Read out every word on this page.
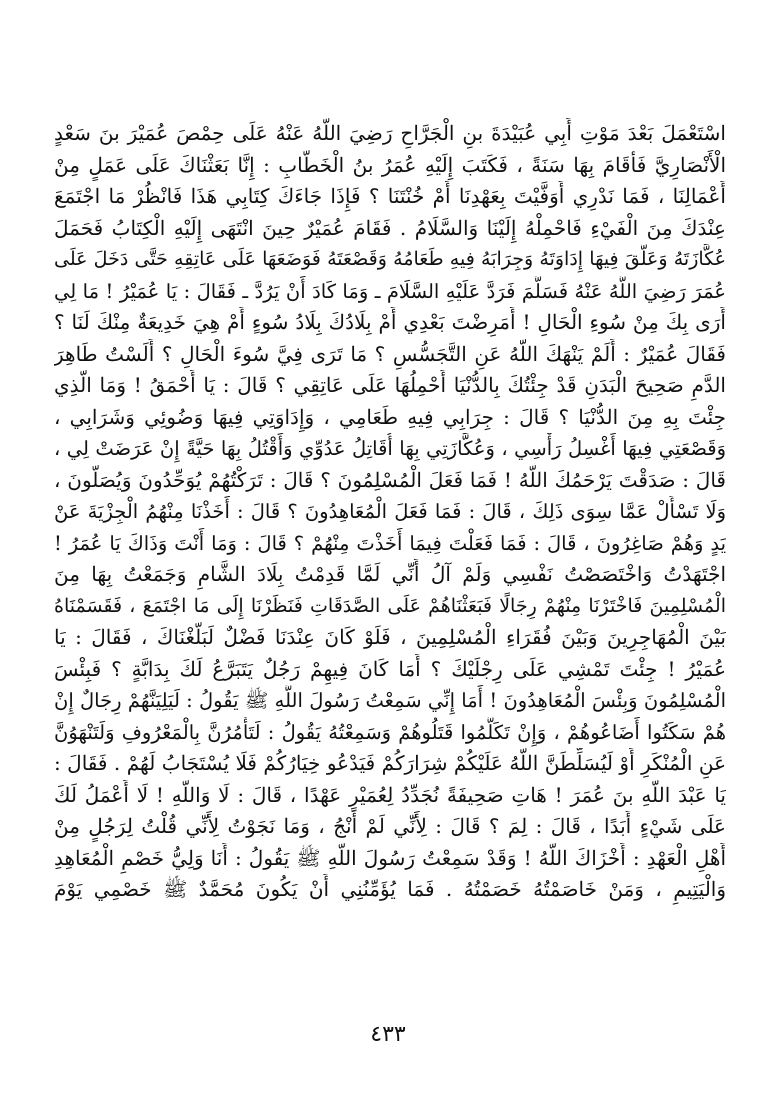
اسْتَعْمَلَ بَعْدَ مَوْتِ أَبِي عُبَيْدَةَ بنِ الْجَرَّاحِ رَضِيَ اللَّهُ عَنْهُ عَلَى حِمْصَ عُمَيْرَ بنَ سَعْدٍ
الْأَنْصَارِيَّ فَأَقَامَ بِهَا سَنَةً ، فَكَتَبَ إِلَيْهِ عُمَرُ بنُ الْخَطَّابِ : إِنَّا بَعَثْنَاكَ عَلَى عَمَلٍ مِنْ
أَعْمَالِنَا ، فَمَا نَدْرِي أَوَفَّيْتَ بِعَهْدِنَا أَمْ خُنْتَنَا ؟ فَإِذَا جَاءَكَ كِتَابِي هَذَا فَانْظُرْ مَا اجْتَمَعَ
عِنْدَكَ مِنَ الْفَيْءِ فَاحْمِلْهُ إِلَيْنَا وَالسَّلَامُ . فَقَامَ عُمَيْرٌ حِينَ انْتَهَى إِلَيْهِ الْكِتَابُ فَحَمَلَ
عُكَّازَتَهُ وَعَلَّقَ فِيهَا إِدَاوَتَهُ وَجِرَابَهُ فِيهِ طَعَامُهُ وَقَصْعَتَهُ فَوَضَعَهَا عَلَى عَاتِقِهِ حَتَّى دَخَلَ عَلَى
عُمَرَ رَضِيَ اللَّهُ عَنْهُ فَسَلَّمَ فَرَدَّ عَلَيْهِ السَّلَامَ ـ وَمَا كَادَ أَنْ يَرُدَّ ـ فَقَالَ : يَا عُمَيْرُ ! مَا لِي
أَرَى بِكَ مِنْ سُوءِ الْحَالِ ! أَمَرِضْتَ بَعْدِي أَمْ بِلَادُكَ بِلَادُ سُوءٍ أَمْ هِيَ خَدِيعَةٌ مِنْكَ لَنَا ؟
فَقَالَ عُمَيْرٌ : أَلَمْ يَنْهَكَ اللَّهُ عَنِ التَّجَسُّسِ ؟ مَا تَرَى فِيَّ سُوءَ الْحَالِ ؟ أَلَسْتُ طَاهِرَ
الدَّمِ صَحِيحَ الْبَدَنِ قَدْ جِئْتُكَ بِالدُّنْيَا أَحْمِلُهَا عَلَى عَاتِقِي ؟ قَالَ : يَا أَحْمَقُ ! وَمَا الَّذِي
جِئْتَ بِهِ مِنَ الدُّنْيَا ؟ قَالَ : جِرَابِي فِيهِ طَعَامِي ، وَإِدَاوَتِي فِيهَا وَضُوئِي وَشَرَابِي ،
وَقَصْعَتِي فِيهَا أَغْسِلُ رَأْسِي ، وَعُكَّازَتِي بِهَا أُقَاتِلُ عَدُوِّي وَأَقْتُلُ بِهَا حَيَّةً إِنْ عَرَضَتْ لِي ،
قَالَ : صَدَقْتَ يَرْحَمُكَ اللَّهُ ! فَمَا فَعَلَ الْمُسْلِمُونَ ؟ قَالَ : تَرَكْتُهُمْ يُوَحِّدُونَ وَيُصَلُّونَ ،
وَلَا تَسْأَلْ عَمَّا سِوَى ذَلِكَ ، قَالَ : فَمَا فَعَلَ الْمُعَاهِدُونَ ؟ قَالَ : أَخَذْنَا مِنْهُمُ الْجِزْيَةَ عَنْ
يَدٍ وَهُمْ صَاغِرُونَ ، قَالَ : فَمَا فَعَلْتَ فِيمَا أَخَذْتَ مِنْهُمْ ؟ قَالَ : وَمَا أَنْتَ وَذَاكَ يَا عُمَرُ !
اجْتَهَدْتُ وَاخْتَصَصْتُ نَفْسِي وَلَمْ آلُ أَنِّي لَمَّا قَدِمْتُ بِلَادَ الشَّامِ وَجَمَعْتُ بِهَا مِنَ
الْمُسْلِمِينَ فَاخْتَرْنَا مِنْهُمْ رِجَالًا فَبَعَثْنَاهُمْ عَلَى الصَّدَقَاتِ فَنَظَرْنَا إِلَى مَا اجْتَمَعَ ، فَقَسَمْنَاهُ
بَيْنَ الْمُهَاجِرِينَ وَبَيْنَ فُقَرَاءِ الْمُسْلِمِينَ ، فَلَوْ كَانَ عِنْدَنَا فَضْلٌ لَبَلَّغْنَاكَ ، فَقَالَ : يَا
عُمَيْرُ ! جِئْتَ تَمْشِي عَلَى رِجْلَيْكَ ؟ أَمَا كَانَ فِيهِمْ رَجُلٌ يَتَبَرَّعُ لَكَ بِدَابَّةٍ ؟ فَبِئْسَ
الْمُسْلِمُونَ وَبِئْسَ الْمُعَاهِدُونَ ! أَمَا إِنِّي سَمِعْتُ رَسُولَ اللَّهِ ﷺ يَقُولُ : لَيَلِيَنَّهُمْ رِجَالٌ إِنْ
هُمْ سَكَتُوا أَضَاعُوهُمْ ، وَإِنْ تَكَلَّمُوا قَتَلُوهُمْ وَسَمِعْتُهُ يَقُولُ : لَتَأْمُرُنَّ بِالْمَعْرُوفِ وَلَتَنْهَوُنَّ
عَنِ الْمُنْكَرِ أَوْ لَيُسَلِّطَنَّ اللَّهُ عَلَيْكُمْ شِرَارَكُمْ فَيَدْعُو خِيَارُكُمْ فَلَا يُسْتَجَابُ لَهُمْ . فَقَالَ :
يَا عَبْدَ اللَّهِ بنَ عُمَرَ ! هَاتِ صَحِيفَةً نُجَدِّدُ لِعُمَيْرٍ عَهْدًا ، قَالَ : لَا وَاللَّهِ ! لَا أَعْمَلُ لَكَ
عَلَى شَيْءٍ أَبَدًا ، قَالَ : لِمَ ؟ قَالَ : لِأَنِّي لَمْ أَنْجُ ، وَمَا نَجَوْتُ لِأَنِّي قُلْتُ لِرَجُلٍ مِنْ
أَهْلِ الْعَهْدِ : أَخْزَاكَ اللَّهُ ! وَقَدْ سَمِعْتُ رَسُولَ اللَّهِ ﷺ يَقُولُ : أَنَا وَلِيُّ خَصْمِ الْمُعَاهِدِ
وَالْيَتِيمِ ، وَمَنْ خَاصَمْتُهُ خَصَمْتُهُ . فَمَا يُؤَمِّنُنِي أَنْ يَكُونَ مُحَمَّدٌ ﷺ خَصْمِي يَوْمَ
٤٣٣
